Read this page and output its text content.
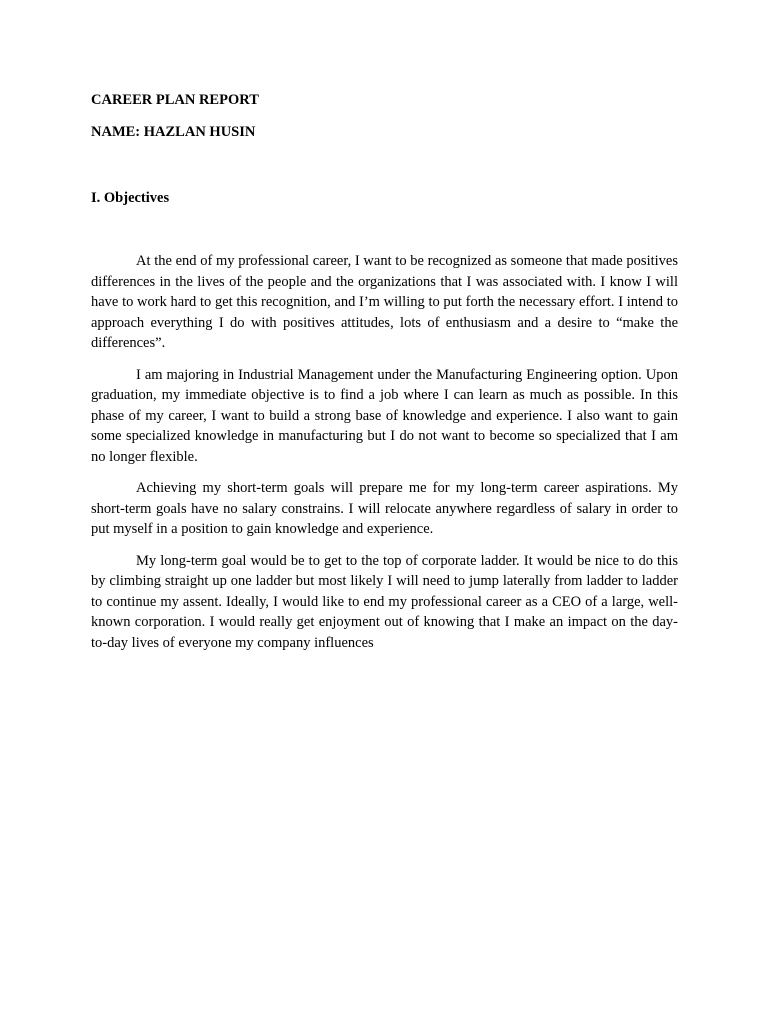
CAREER PLAN REPORT
NAME: HAZLAN HUSIN
I. Objectives

At the end of my professional career, I want to be recognized as someone that made positives differences in the lives of the people and the organizations that I was associated with. I know I will have to work hard to get this recognition, and I’m willing to put forth the necessary effort. I intend to approach everything I do with positives attitudes, lots of enthusiasm and a desire to “make the differences”.

I am majoring in Industrial Management under the Manufacturing Engineering option. Upon graduation, my immediate objective is to find a job where I can learn as much as possible. In this phase of my career, I want to build a strong base of knowledge and experience. I also want to gain some specialized knowledge in manufacturing but I do not want to become so specialized that I am no longer flexible.

Achieving my short-term goals will prepare me for my long-term career aspirations. My short-term goals have no salary constrains. I will relocate anywhere regardless of salary in order to put myself in a position to gain knowledge and experience.

My long-term goal would be to get to the top of corporate ladder. It would be nice to do this by climbing straight up one ladder but most likely I will need to jump laterally from ladder to ladder to continue my assent. Ideally, I would like to end my professional career as a CEO of a large, well-known corporation. I would really get enjoyment out of knowing that I make an impact on the day-to-day lives of everyone my company influences
